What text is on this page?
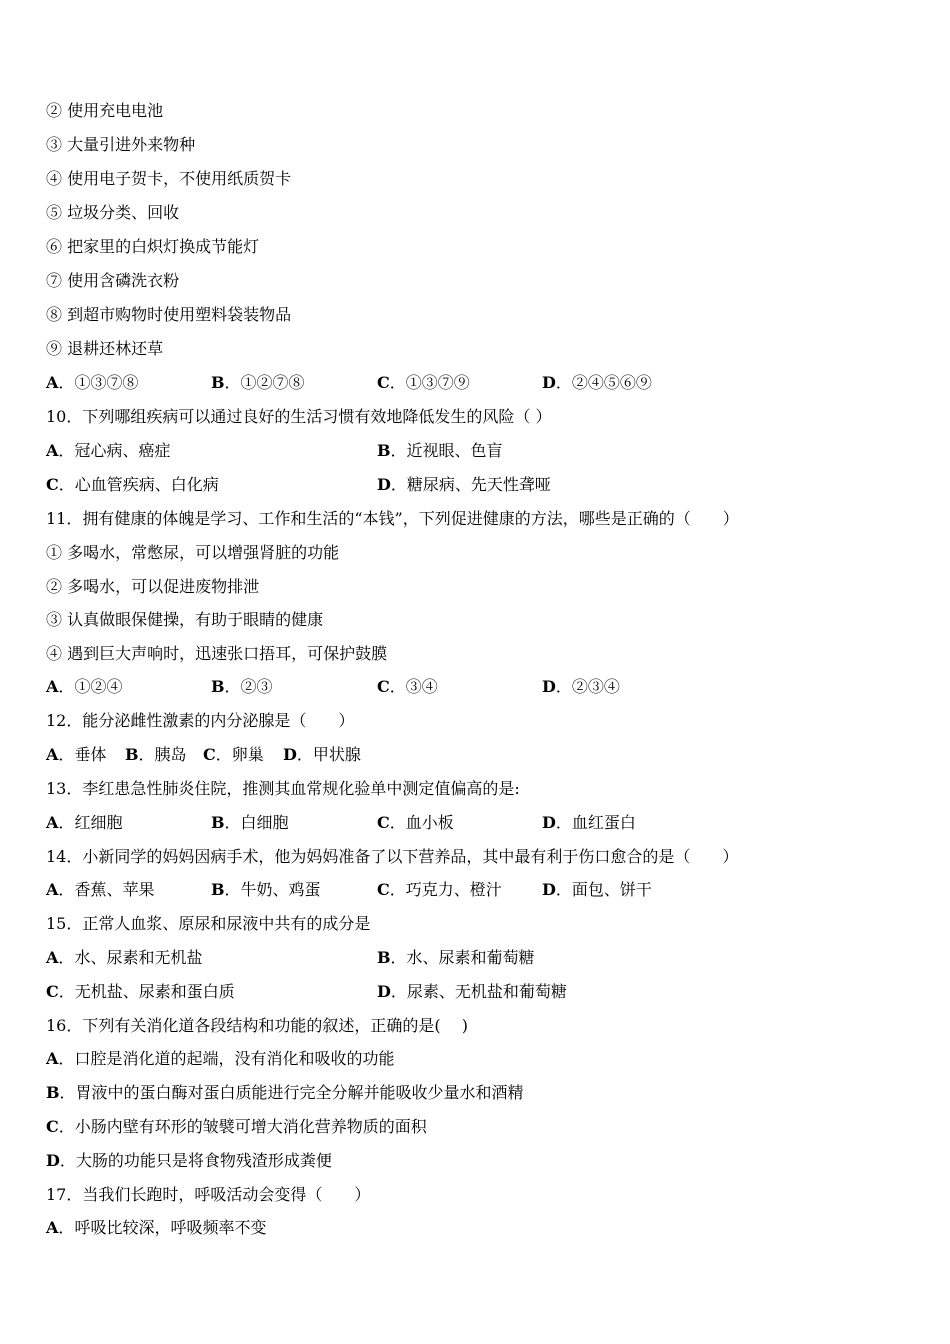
② 使用充电电池
③ 大量引进外来物种
④ 使用电子贺卡，不使用纸质贺卡
⑤ 垃圾分类、回收
⑥ 把家里的白炽灯换成节能灯
⑦ 使用含磷洗衣粉
⑧ 到超市购物时使用塑料袋装物品
⑨ 退耕还林还草
A．①③⑦⑧	B．①②⑦⑧	C．①③⑦⑨	D．②④⑤⑥⑨
10．下列哪组疾病可以通过良好的生活习惯有效地降低发生的风险（ ）
A．冠心病、癌症	B．近视眼、色盲
C．心血管疾病、白化病	D．糖尿病、先天性聋哑
11．拥有健康的体魄是学习、工作和生活的“本钱”，下列促进健康的方法，哪些是正确的（　　）
① 多喝水，常憋尿，可以增强肾脏的功能
② 多喝水，可以促进废物排泄
③ 认真做眼保健操，有助于眼睛的健康
④ 遇到巨大声响时，迅速张口捂耳，可保护鼓膜
A．①②④	B．②③	C．③④	D．②③④
12．能分泌雌性激素的内分泌腺是（　　）
A．垂体 B．胰岛 C．卵巢 D．甲状腺
13．李红患急性肺炎住院，推测其血常规化验单中测定值偏高的是:
A．红细胞	B．白细胞	C．血小板	D．血红蛋白
14．小新同学的妈妈因病手术，他为妈妈准备了以下营养品，其中最有利于伤口愈合的是（　　）
A．香蕉、苹果	B．牛奶、鸡蛋	C．巧克力、橙汁	D．面包、饼干
15．正常人血浆、原尿和尿液中共有的成分是
A．水、尿素和无机盐	B．水、尿素和葡萄糖
C．无机盐、尿素和蛋白质	D．尿素、无机盐和葡萄糖
16．下列有关消化道各段结构和功能的叙述，正确的是(　 )
A．口腔是消化道的起端，没有消化和吸收的功能
B．胃液中的蛋白酶对蛋白质能进行完全分解并能吸收少量水和酒精
C．小肠内壁有环形的皱襞可增大消化营养物质的面积
D．大肠的功能只是将食物残渣形成粪便
17．当我们长跑时，呼吸活动会变得（　　）
A．呼吸比较深，呼吸频率不变
